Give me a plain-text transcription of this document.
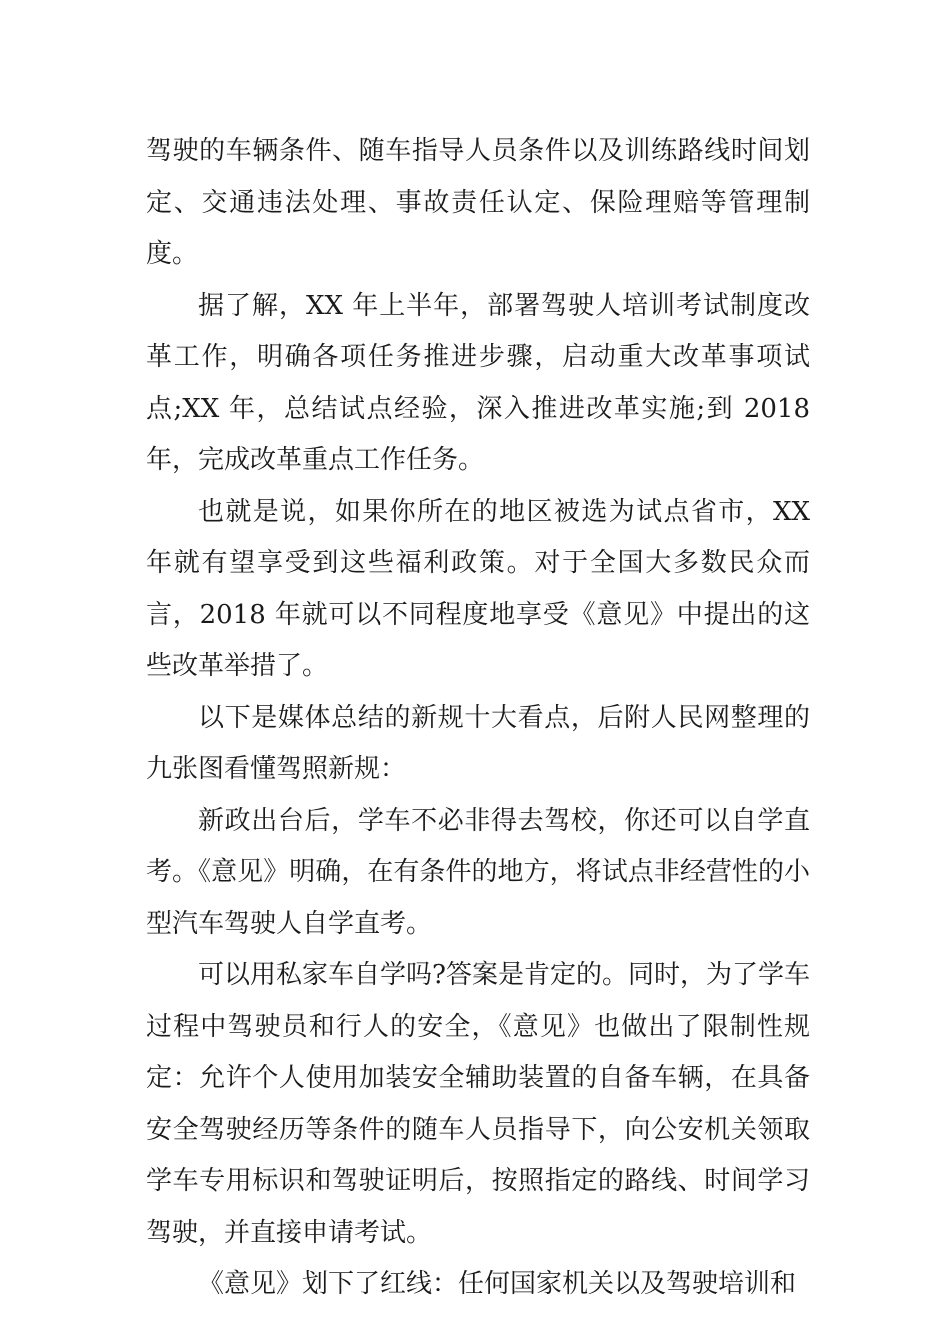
驾驶的车辆条件、随车指导人员条件以及训练路线时间划定、交通违法处理、事故责任认定、保险理赔等管理制度。

据了解，XX 年上半年，部署驾驶人培训考试制度改革工作，明确各项任务推进步骤，启动重大改革事项试点;XX 年，总结试点经验，深入推进改革实施;到 2018 年，完成改革重点工作任务。

也就是说，如果你所在的地区被选为试点省市，XX 年就有望享受到这些福利政策。对于全国大多数民众而言，2018 年就可以不同程度地享受《意见》中提出的这些改革举措了。

以下是媒体总结的新规十大看点，后附人民网整理的九张图看懂驾照新规：

新政出台后，学车不必非得去驾校，你还可以自学直考。《意见》明确，在有条件的地方，将试点非经营性的小型汽车驾驶人自学直考。

可以用私家车自学吗?答案是肯定的。同时，为了学车过程中驾驶员和行人的安全，《意见》也做出了限制性规定：允许个人使用加装安全辅助装置的自备车辆，在具备安全驾驶经历等条件的随车人员指导下，向公安机关领取学车专用标识和驾驶证明后，按照指定的路线、时间学习驾驶，并直接申请考试。

《意见》划下了红线：任何国家机关以及驾驶培训和
